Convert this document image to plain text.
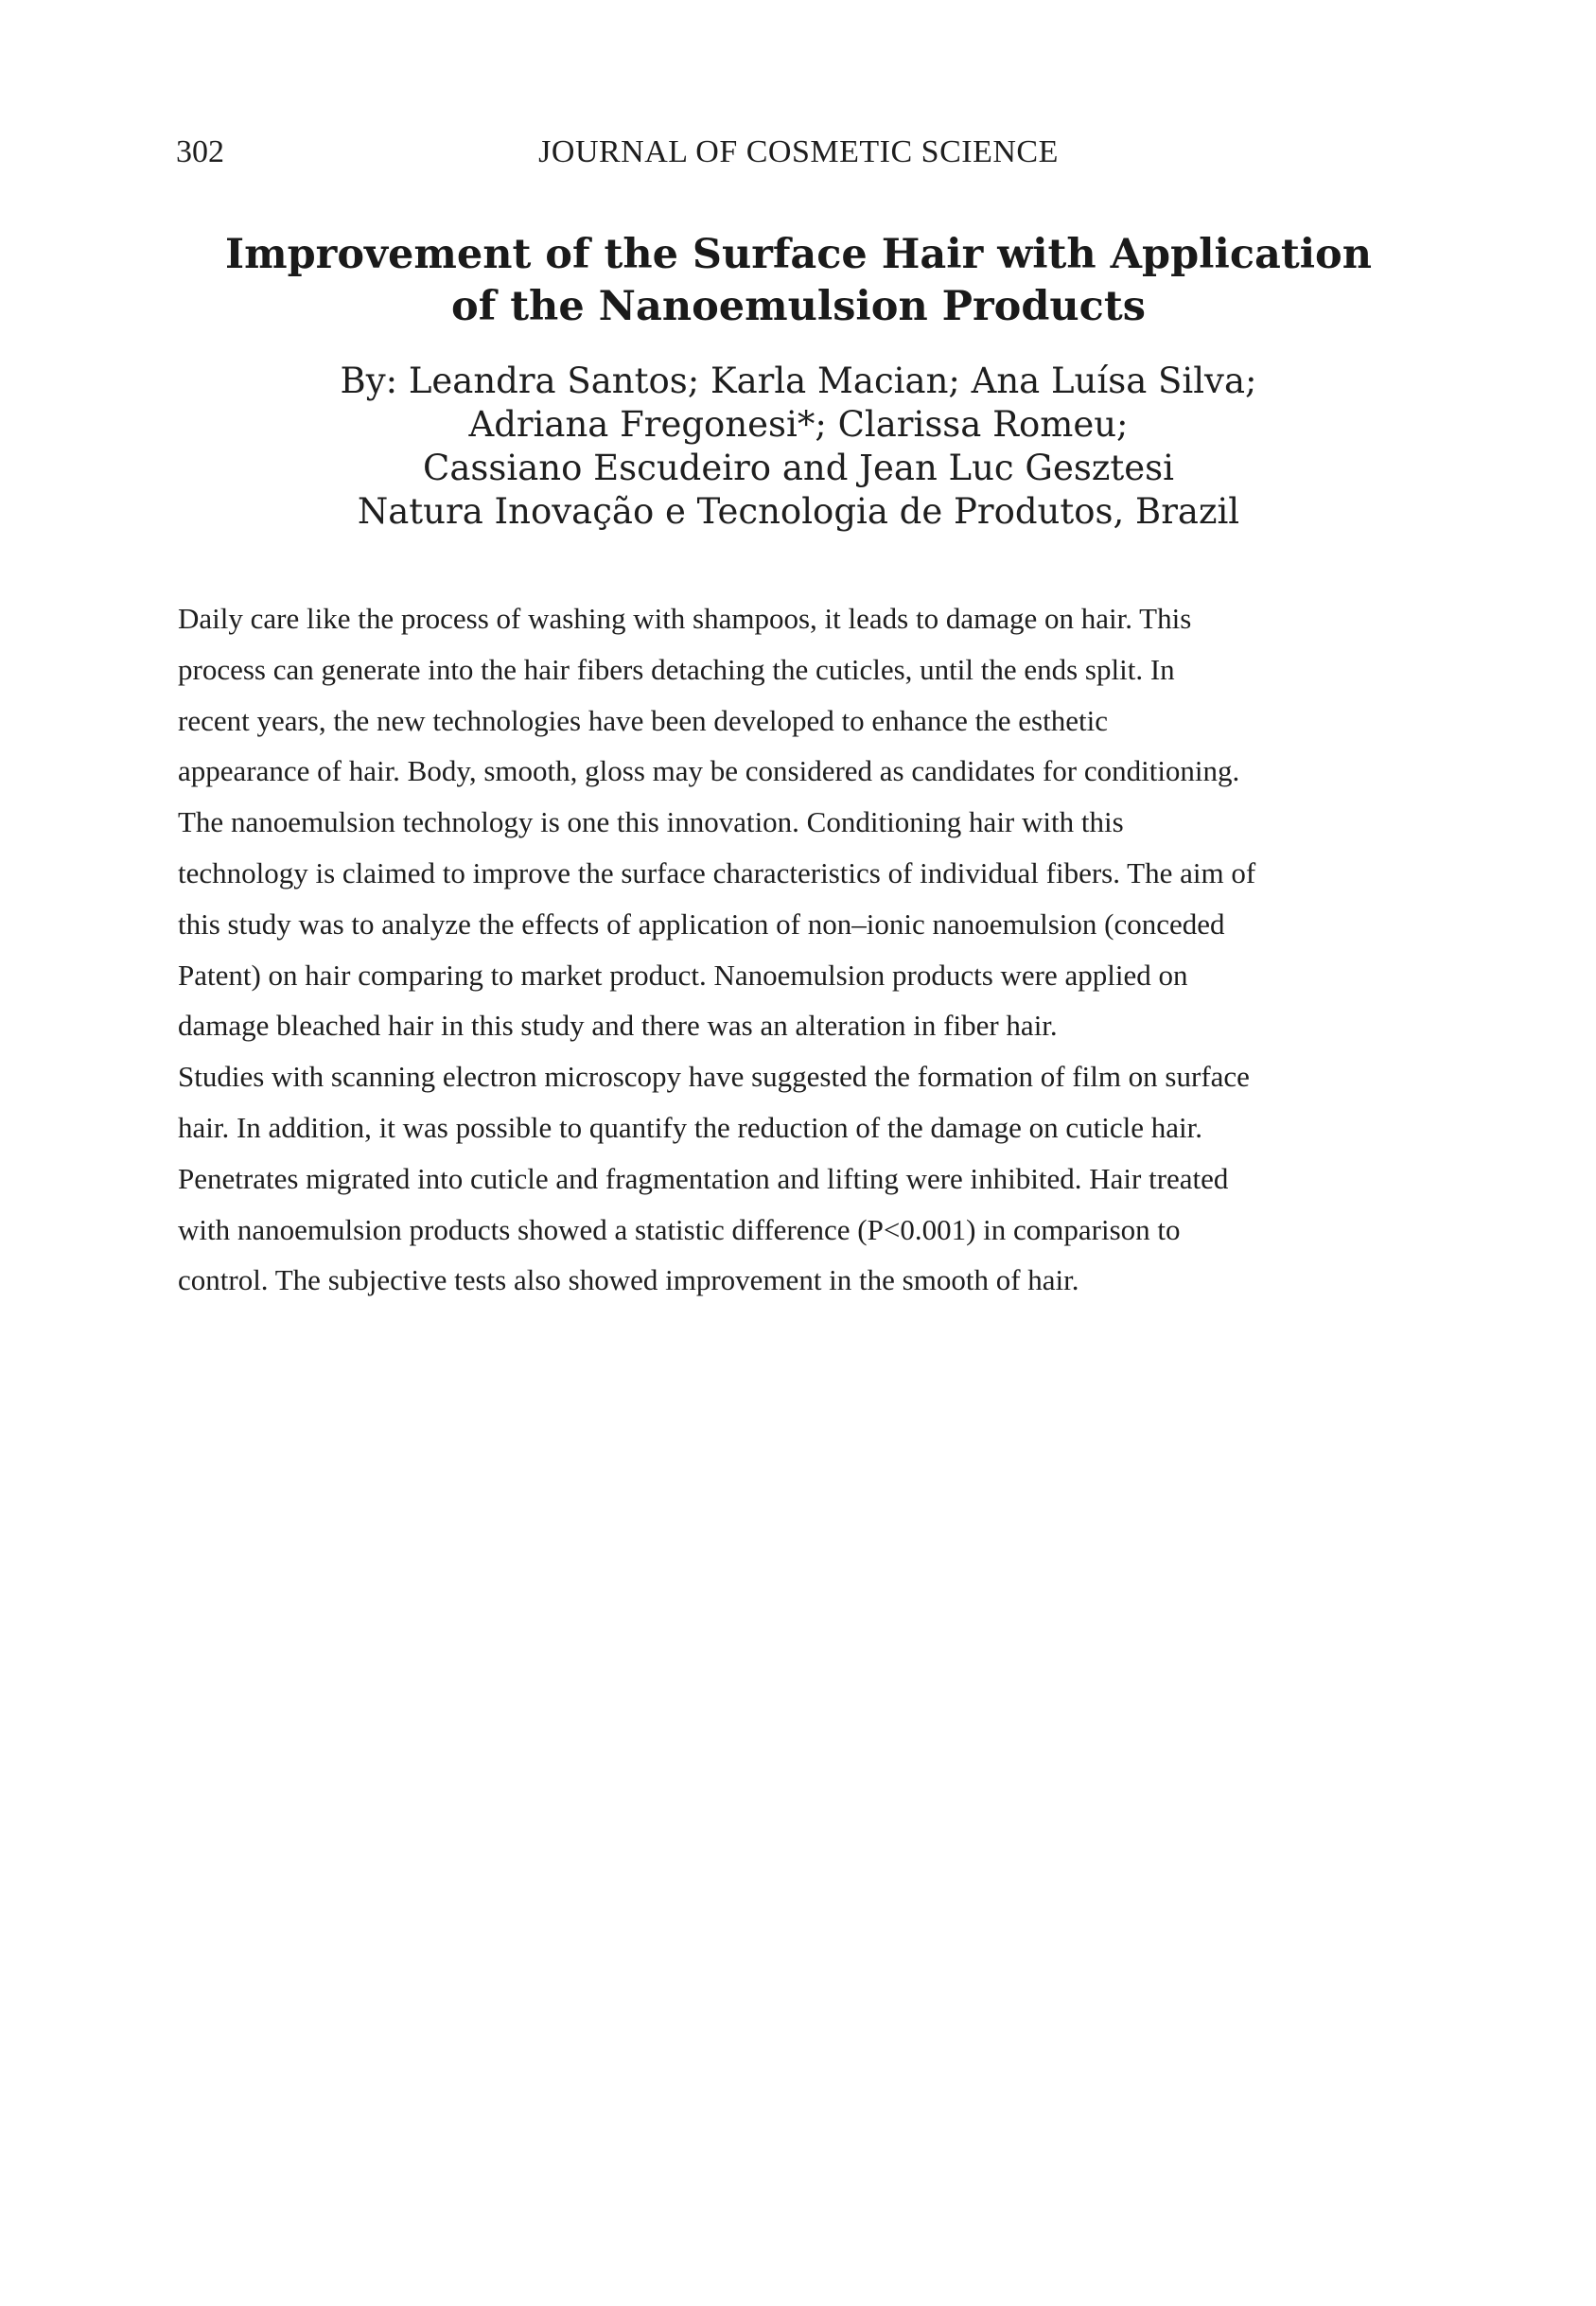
302	JOURNAL OF COSMETIC SCIENCE
Improvement of the Surface Hair with Application
of the Nanoemulsion Products
By: Leandra Santos; Karla Macian; Ana Luísa Silva;
Adriana Fregonesi*; Clarissa Romeu;
Cassiano Escudeiro and Jean Luc Gesztesi
Natura Inovação e Tecnologia de Produtos, Brazil

Daily care like the process of washing with shampoos, it leads to damage on hair. This
process can generate into the hair fibers detaching the cuticles, until the ends split. In
recent years, the new technologies have been developed to enhance the esthetic
appearance of hair. Body, smooth, gloss may be considered as candidates for conditioning.
The nanoemulsion technology is one this innovation. Conditioning hair with this
technology is claimed to improve the surface characteristics of individual fibers. The aim of
this study was to analyze the effects of application of non–ionic nanoemulsion (conceded
Patent) on hair comparing to market product. Nanoemulsion products were applied on
damage bleached hair in this study and there was an alteration in fiber hair.

Studies with scanning electron microscopy have suggested the formation of film on surface
hair. In addition, it was possible to quantify the reduction of the damage on cuticle hair.
Penetrates migrated into cuticle and fragmentation and lifting were inhibited. Hair treated
with nanoemulsion products showed a statistic difference (P<0.001) in comparison to
control. The subjective tests also showed improvement in the smooth of hair.
